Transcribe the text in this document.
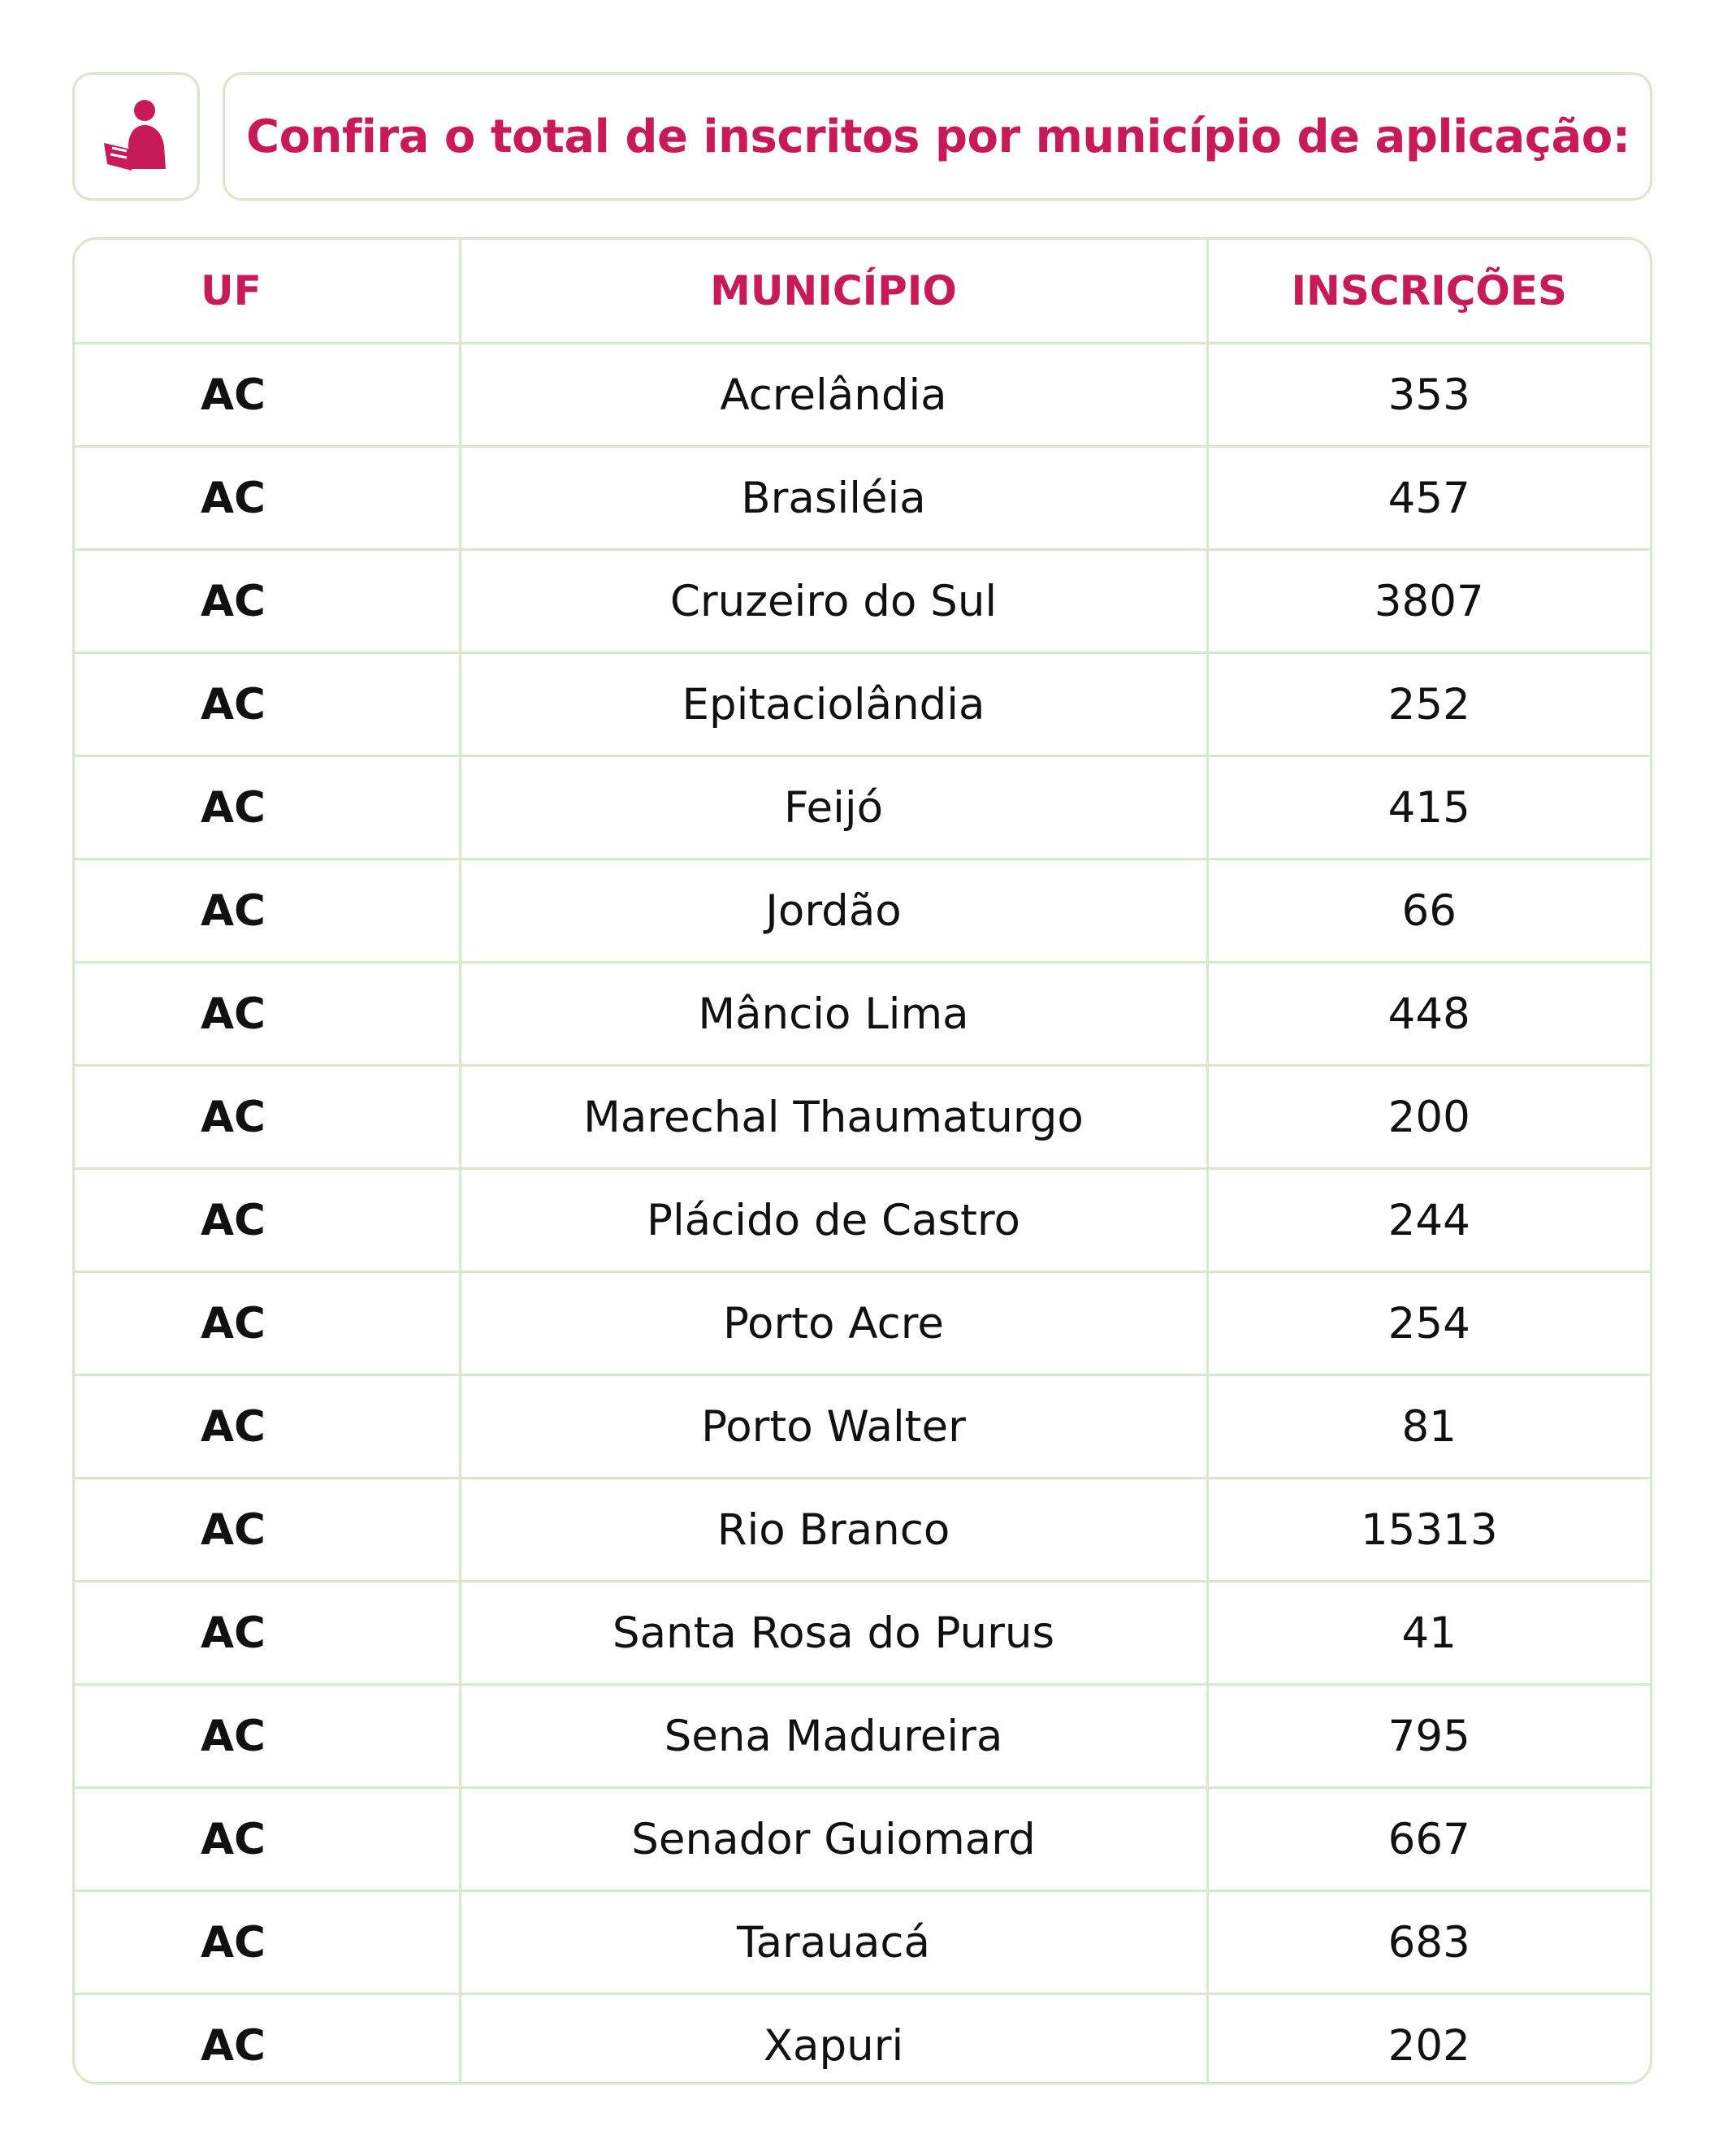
Confira o total de inscritos por município de aplicação:
UF	MUNICÍPIO	INSCRIÇÕES
AC	Acrelândia	353
AC	Brasiléia	457
AC	Cruzeiro do Sul	3807
AC	Epitaciolândia	252
AC	Feijó	415
AC	Jordão	66
AC	Mâncio Lima	448
AC	Marechal Thaumaturgo	200
AC	Plácido de Castro	244
AC	Porto Acre	254
AC	Porto Walter	81
AC	Rio Branco	15313
AC	Santa Rosa do Purus	41
AC	Sena Madureira	795
AC	Senador Guiomard	667
AC	Tarauacá	683
AC	Xapuri	202
